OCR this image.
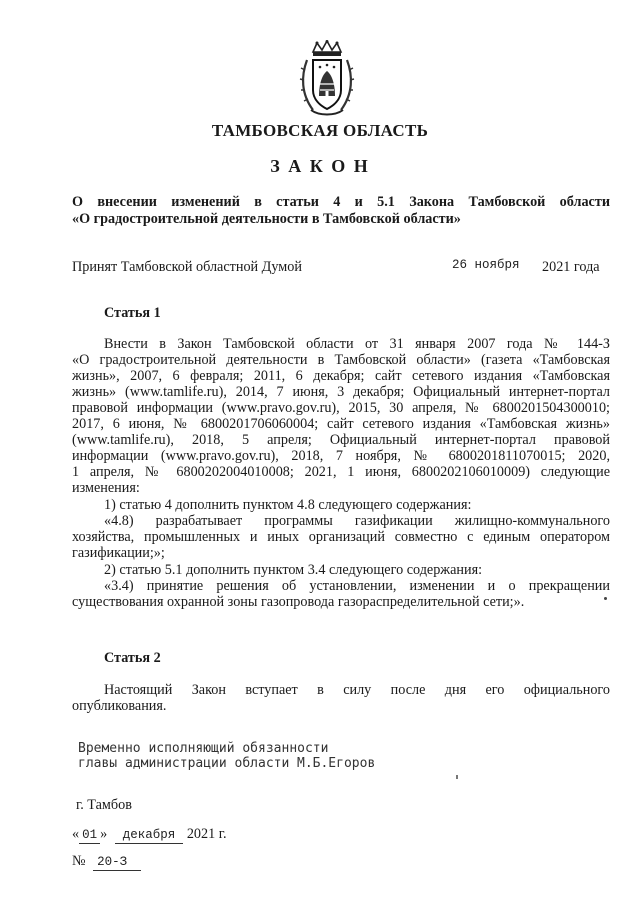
ТАМБОВСКАЯ ОБЛАСТЬ
З А К О Н
О внесении изменений в статьи 4 и 5.1 Закона Тамбовской области
«О градостроительной деятельности в Тамбовской области»
Принят Тамбовской областной Думой	26 ноября 2021 года
Статья 1
Внести в Закон Тамбовской области от 31 января 2007 года № 144-З
«О градостроительной деятельности в Тамбовской области» (газета «Тамбовская
жизнь», 2007, 6 февраля; 2011, 6 декабря; сайт сетевого издания «Тамбовская
жизнь» (www.tamlife.ru), 2014, 7 июня, 3 декабря; Официальный интернет-портал
правовой информации (www.pravo.gov.ru), 2015, 30 апреля, № 6800201504300010;
2017, 6 июня, № 6800201706060004; сайт сетевого издания «Тамбовская жизнь»
(www.tamlife.ru), 2018, 5 апреля; Официальный интернет-портал правовой
информации (www.pravo.gov.ru), 2018, 7 ноября, № 6800201811070015; 2020,
1 апреля, № 6800202004010008; 2021, 1 июня, 6800202106010009) следующие
изменения:
1) статью 4 дополнить пунктом 4.8 следующего содержания:
«4.8) разрабатывает программы газификации жилищно-коммунального
хозяйства, промышленных и иных организаций совместно с единым оператором
газификации;»;
2) статью 5.1 дополнить пунктом 3.4 следующего содержания:
«3.4) принятие решения об установлении, изменении и о прекращении
существования охранной зоны газопровода газораспределительной сети;».
Статья 2
Настоящий Закон вступает в силу после дня его официального
опубликования.
Временно исполняющий обязанности
главы администрации области М.Б.Егоров
г. Тамбов
« 01 » декабря 2021 г.
№ 20-З
